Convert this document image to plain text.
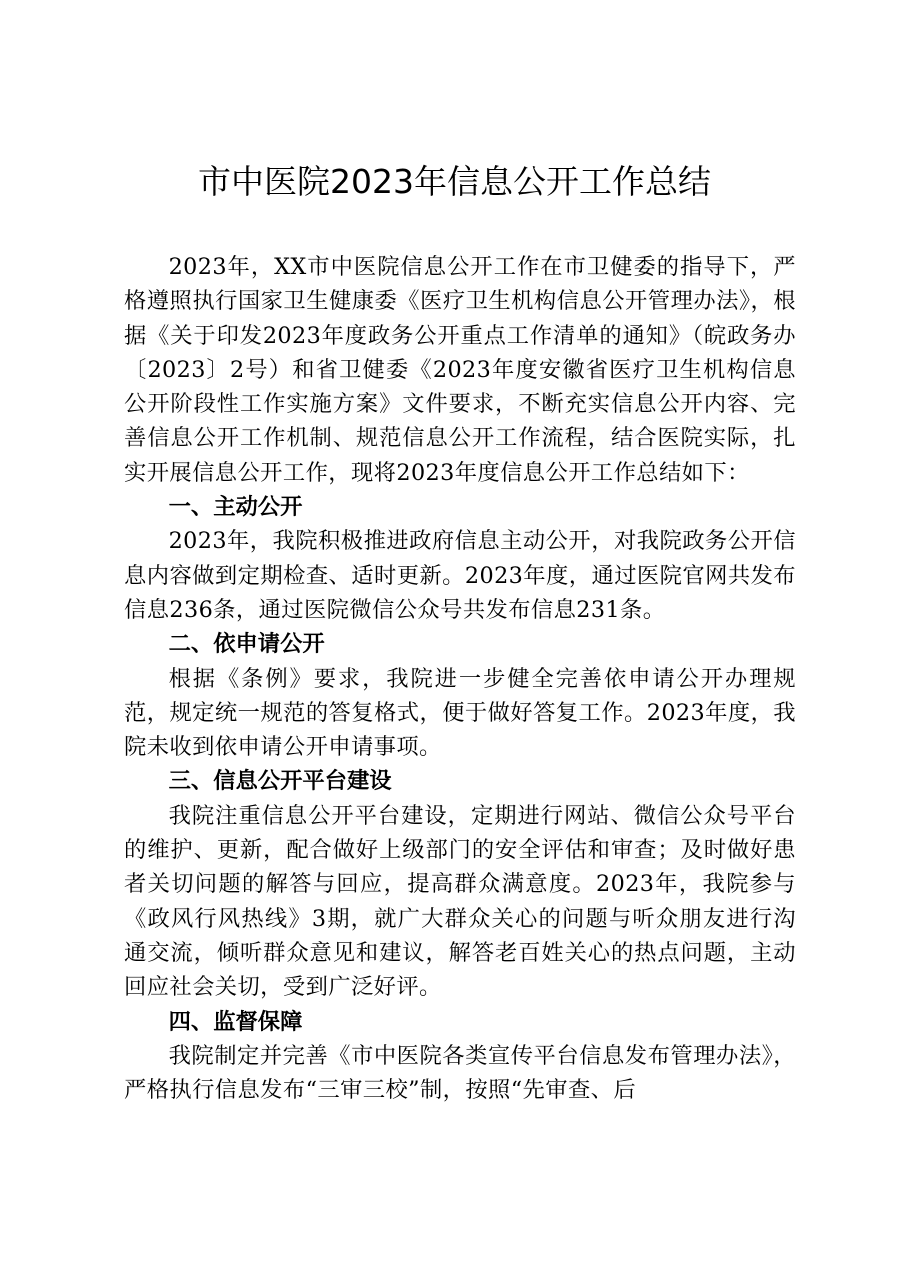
市中医院2023年信息公开工作总结

2023年，XX市中医院信息公开工作在市卫健委的指导下，严格遵照执行国家卫生健康委《医疗卫生机构信息公开管理办法》，根据《关于印发2023年度政务公开重点工作清单的通知》（皖政务办〔2023〕2号）和省卫健委《2023年度安徽省医疗卫生机构信息公开阶段性工作实施方案》文件要求，不断充实信息公开内容、完善信息公开工作机制、规范信息公开工作流程，结合医院实际，扎实开展信息公开工作，现将2023年度信息公开工作总结如下：

一、主动公开

2023年，我院积极推进政府信息主动公开，对我院政务公开信息内容做到定期检查、适时更新。2023年度，通过医院官网共发布信息236条，通过医院微信公众号共发布信息231条。

二、依申请公开

根据《条例》要求，我院进一步健全完善依申请公开办理规范，规定统一规范的答复格式，便于做好答复工作。2023年度，我院未收到依申请公开申请事项。

三、信息公开平台建设

我院注重信息公开平台建设，定期进行网站、微信公众号平台的维护、更新，配合做好上级部门的安全评估和审查；及时做好患者关切问题的解答与回应，提高群众满意度。2023年，我院参与《政风行风热线》3期，就广大群众关心的问题与听众朋友进行沟通交流，倾听群众意见和建议，解答老百姓关心的热点问题，主动回应社会关切，受到广泛好评。

四、监督保障

我院制定并完善《市中医院各类宣传平台信息发布管理办法》，严格执行信息发布“三审三校”制，按照“先审查、后
